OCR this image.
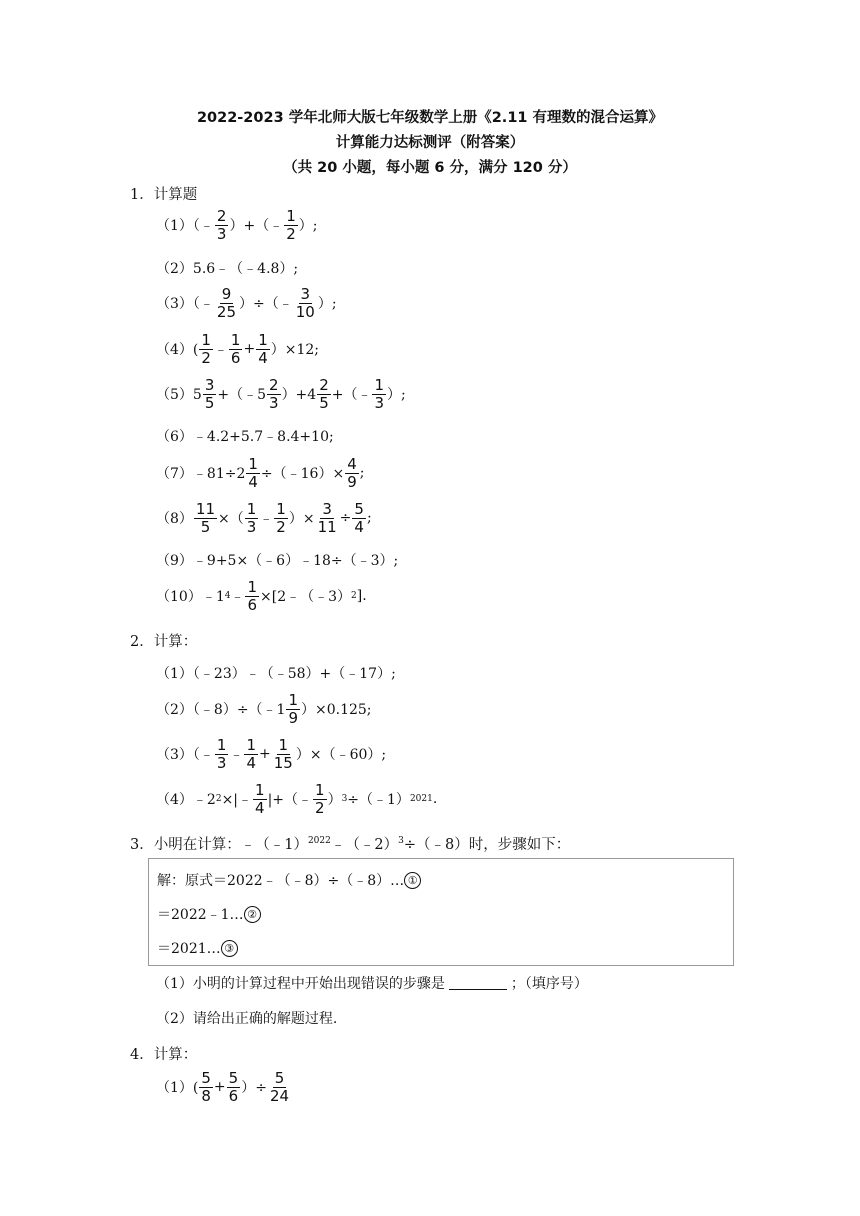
2022-2023 学年北师大版七年级数学上册《2.11 有理数的混合运算》
计算能力达标测评（附答案）
（共 20 小题，每小题 6 分，满分 120 分）
1．计算题
（1）（﹣ $\frac{2}{3}$ ）+（﹣ $\frac{1}{2}$ ）;
（2）5.6﹣（﹣4.8）;
（3）（﹣ $\frac{9}{25}$ ）÷（﹣ $\frac{3}{10}$ ）;
$(4)( \frac{1}{2}$ ﹣ $\frac{1}{6} + \frac{1}{4} )\times 12$;
$(5)5 \frac{3}{5}$ +（﹣5 $\frac{2}{3} )+4 \frac{2}{5}$ +（﹣ $\frac{1}{3}$ ）;
（6）﹣4.2+5.7﹣8.4+10;
（7）﹣81÷2 $\frac{1}{4}$ ÷（﹣16）× $\frac{4}{9}$ ;
$(8) \frac{11}{5}$ ×（ $\frac{1}{3}$ ﹣ $\frac{1}{2}$ ）× $\frac{3}{11} \div \frac{5}{4}$ ;
（9）﹣9+5×（﹣6）﹣18÷（﹣3）;
（10）﹣1 4 ﹣ $\frac{1}{6}$ ×[2﹣（﹣3） 2 ].
2．计算：
（1）（﹣23）﹣（﹣58）+（﹣17）;
（2）（﹣8）÷（﹣1 $\frac{1}{9} )\times 0.125$;
（3）（﹣ $\frac{1}{3}$ ﹣ $\frac{1}{4} + \frac{1}{15}$ ）×（﹣60）;
（4）﹣2 2 ×|﹣ $\frac{1}{4}$ |+（﹣ $\frac{1}{2}$ ） 3 ÷（﹣1） 2021 .
3．小明在计算：﹣（﹣1）$^{2022}$﹣（﹣2）$^3$÷（﹣8）时，步骤如下：
解：原式＝2022﹣（﹣8）÷（﹣8）… ①
＝2022﹣1… ②
＝2021… ③
（1）小明的计算过程中开始出现错误的步骤是	；（填序号）
（2）请给出正确的解题过程.
4．计算：
$(1)( \frac{5}{8} + \frac{5}{6}$ ）÷ $\frac{5}{24}$
